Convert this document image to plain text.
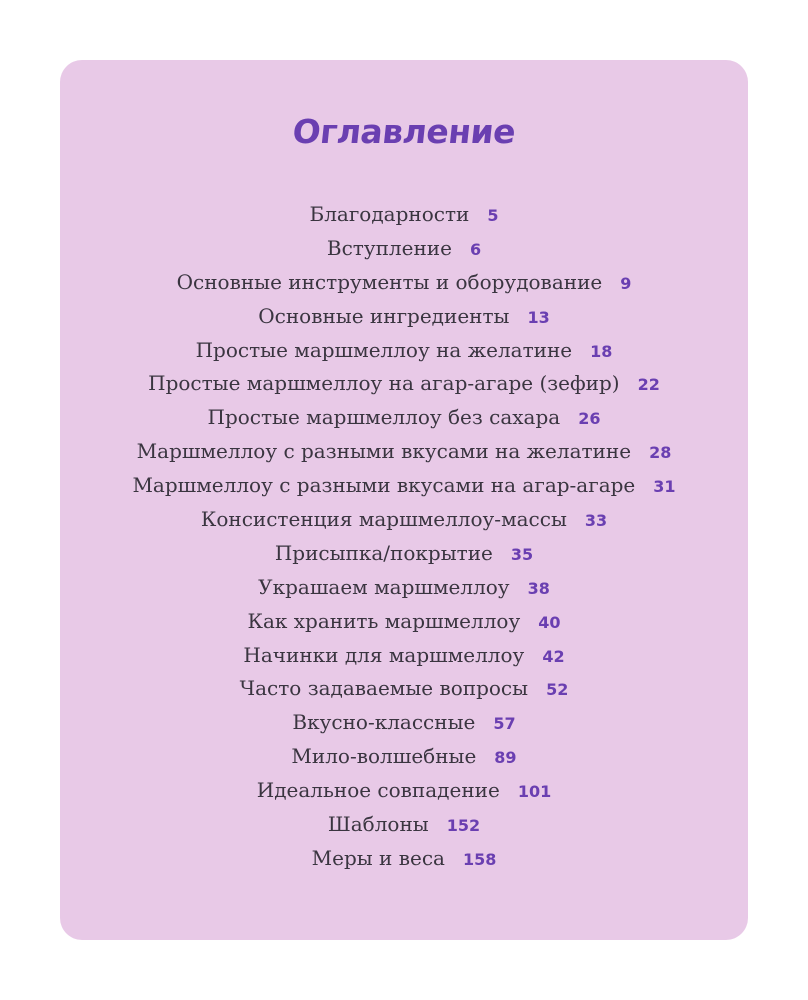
Оглавление
Благодарности 5
Вступление 6
Основные инструменты и оборудование 9
Основные ингредиенты 13
Простые маршмеллоу на желатине 18
Простые маршмеллоу на агар-агаре (зефир) 22
Простые маршмеллоу без сахара 26
Маршмеллоу с разными вкусами на желатине 28
Маршмеллоу с разными вкусами на агар-агаре 31
Консистенция маршмеллоу-массы 33
Присыпка/покрытие 35
Украшаем маршмеллоу 38
Как хранить маршмеллоу 40
Начинки для маршмеллоу 42
Часто задаваемые вопросы 52
Вкусно-классные 57
Мило-волшебные 89
Идеальное совпадение 101
Шаблоны 152
Меры и веса 158
